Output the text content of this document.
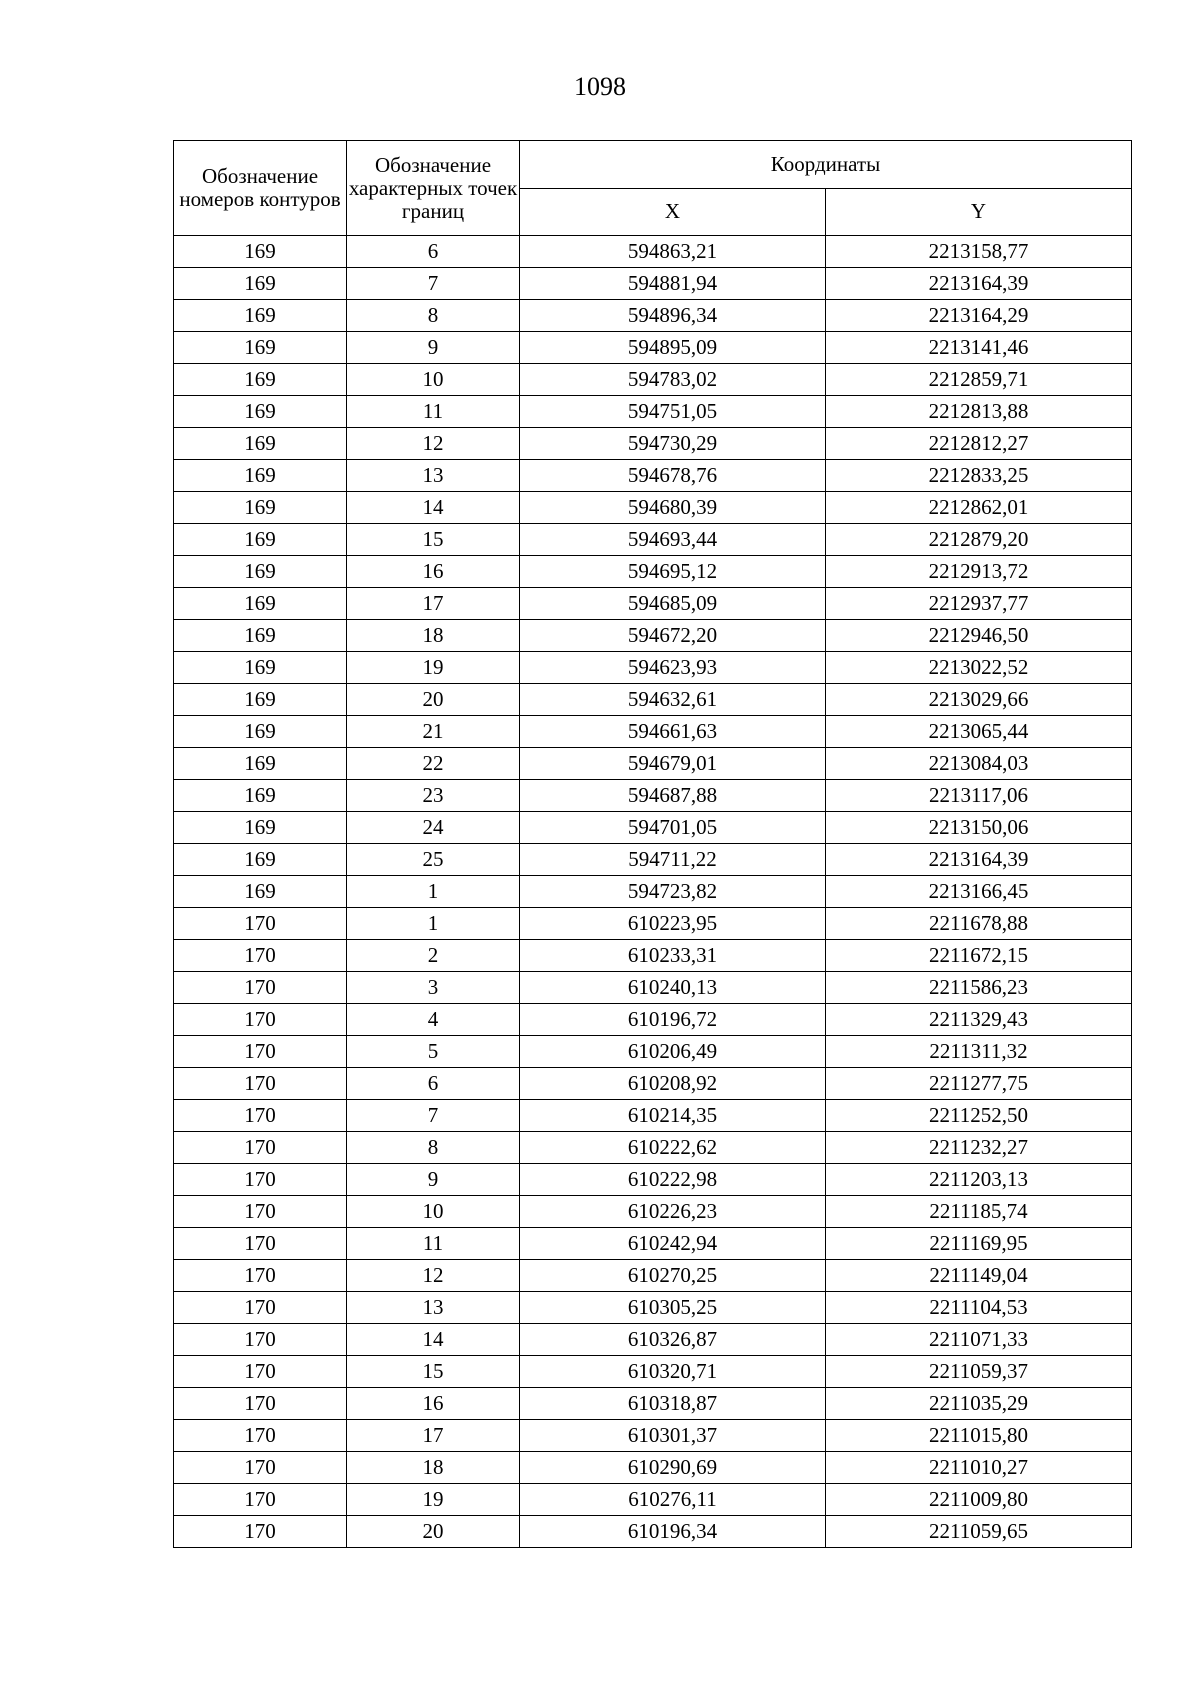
1098
Обозначение номеров контуров	Обозначение характерных точек границ	Координаты	
		X	Y
169	6	594863,21	2213158,77
169	7	594881,94	2213164,39
169	8	594896,34	2213164,29
169	9	594895,09	2213141,46
169	10	594783,02	2212859,71
169	11	594751,05	2212813,88
169	12	594730,29	2212812,27
169	13	594678,76	2212833,25
169	14	594680,39	2212862,01
169	15	594693,44	2212879,20
169	16	594695,12	2212913,72
169	17	594685,09	2212937,77
169	18	594672,20	2212946,50
169	19	594623,93	2213022,52
169	20	594632,61	2213029,66
169	21	594661,63	2213065,44
169	22	594679,01	2213084,03
169	23	594687,88	2213117,06
169	24	594701,05	2213150,06
169	25	594711,22	2213164,39
169	1	594723,82	2213166,45
170	1	610223,95	2211678,88
170	2	610233,31	2211672,15
170	3	610240,13	2211586,23
170	4	610196,72	2211329,43
170	5	610206,49	2211311,32
170	6	610208,92	2211277,75
170	7	610214,35	2211252,50
170	8	610222,62	2211232,27
170	9	610222,98	2211203,13
170	10	610226,23	2211185,74
170	11	610242,94	2211169,95
170	12	610270,25	2211149,04
170	13	610305,25	2211104,53
170	14	610326,87	2211071,33
170	15	610320,71	2211059,37
170	16	610318,87	2211035,29
170	17	610301,37	2211015,80
170	18	610290,69	2211010,27
170	19	610276,11	2211009,80
170	20	610196,34	2211059,65
